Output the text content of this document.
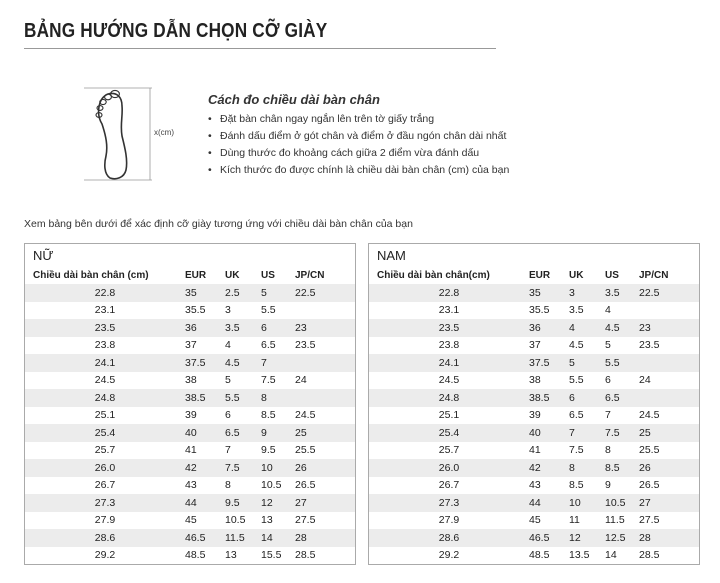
BẢNG HƯỚNG DẪN CHỌN CỠ GIÀY
x(cm)
Cách đo chiều dài bàn chân
• Đặt bàn chân ngay ngắn lên trên tờ giấy trắng
• Đánh dấu điểm ở gót chân và điểm ở đầu ngón chân dài nhất
• Dùng thước đo khoảng cách giữa 2 điểm vừa đánh dấu
• Kích thước đo được chính là chiều dài bàn chân (cm) của bạn
Xem bảng bên dưới để xác định cỡ giày tương ứng với chiều dài bàn chân của bạn
NỮ
Chiều dài bàn chân (cm)	EUR	UK	US	JP/CN
22.8	35	2.5	5	22.5
23.1	35.5	3	5.5	
23.5	36	3.5	6	23
23.8	37	4	6.5	23.5
24.1	37.5	4.5	7	
24.5	38	5	7.5	24
24.8	38.5	5.5	8	
25.1	39	6	8.5	24.5
25.4	40	6.5	9	25
25.7	41	7	9.5	25.5
26.0	42	7.5	10	26
26.7	43	8	10.5	26.5
27.3	44	9.5	12	27
27.9	45	10.5	13	27.5
28.6	46.5	11.5	14	28
29.2	48.5	13	15.5	28.5
NAM
Chiều dài bàn chân(cm)	EUR	UK	US	JP/CN
22.8	35	3	3.5	22.5
23.1	35.5	3.5	4	
23.5	36	4	4.5	23
23.8	37	4.5	5	23.5
24.1	37.5	5	5.5	
24.5	38	5.5	6	24
24.8	38.5	6	6.5	
25.1	39	6.5	7	24.5
25.4	40	7	7.5	25
25.7	41	7.5	8	25.5
26.0	42	8	8.5	26
26.7	43	8.5	9	26.5
27.3	44	10	10.5	27
27.9	45	11	11.5	27.5
28.6	46.5	12	12.5	28
29.2	48.5	13.5	14	28.5
